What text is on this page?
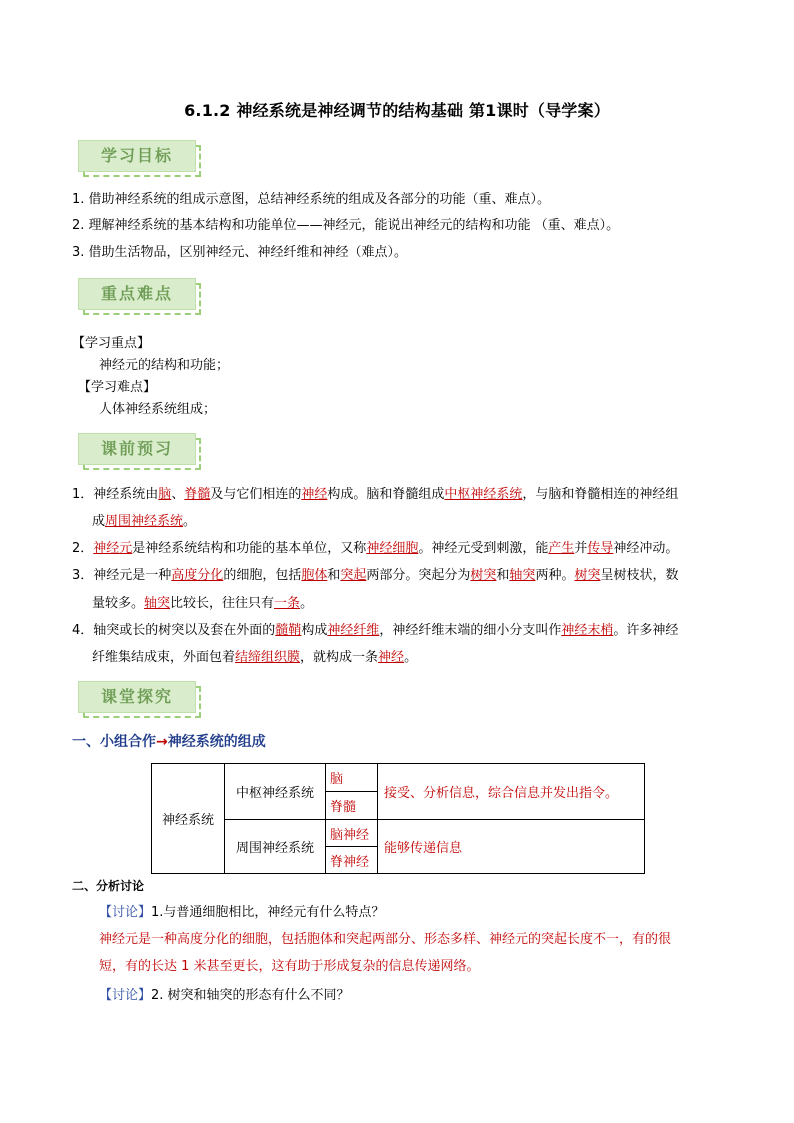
6.1.2 神经系统是神经调节的结构基础 第1课时（导学案）
学习目标
1. 借助神经系统的组成示意图，总结神经系统的组成及各部分的功能（重、难点）。
2. 理解神经系统的基本结构和功能单位——神经元，能说出神经元的结构和功能 （重、难点）。
3. 借助生活物品，区别神经元、神经纤维和神经（难点）。
重点难点
【学习重点】
神经元的结构和功能；
【学习难点】
人体神经系统组成；
课前预习
1．神经系统由脑、脊髓及与它们相连的神经构成。脑和脊髓组成中枢神经系统，与脑和脊髓相连的神经组
成周围神经系统。
2．神经元是神经系统结构和功能的基本单位，又称神经细胞。神经元受到刺激，能产生并传导神经冲动。
3．神经元是一种高度分化的细胞，包括胞体和突起两部分。突起分为树突和轴突两种。树突呈树枝状，数
量较多。轴突比较长，往往只有一条。
4．轴突或长的树突以及套在外面的髓鞘构成神经纤维，神经纤维末端的细小分支叫作神经末梢。许多神经
纤维集结成束，外面包着结缔组织膜，就构成一条神经。
课堂探究
一、小组合作→神经系统的组成
神经系统	中枢神经系统	脑	接受、分析信息，综合信息并发出指令。
		脊髓	
	周围神经系统	脑神经	能够传递信息
		脊神经	
二、分析讨论
【讨论】1.与普通细胞相比，神经元有什么特点？
神经元是一种高度分化的细胞，包括胞体和突起两部分、形态多样、神经元的突起长度不一，有的很
短，有的长达 1 米甚至更长，这有助于形成复杂的信息传递网络。
【讨论】2. 树突和轴突的形态有什么不同？
